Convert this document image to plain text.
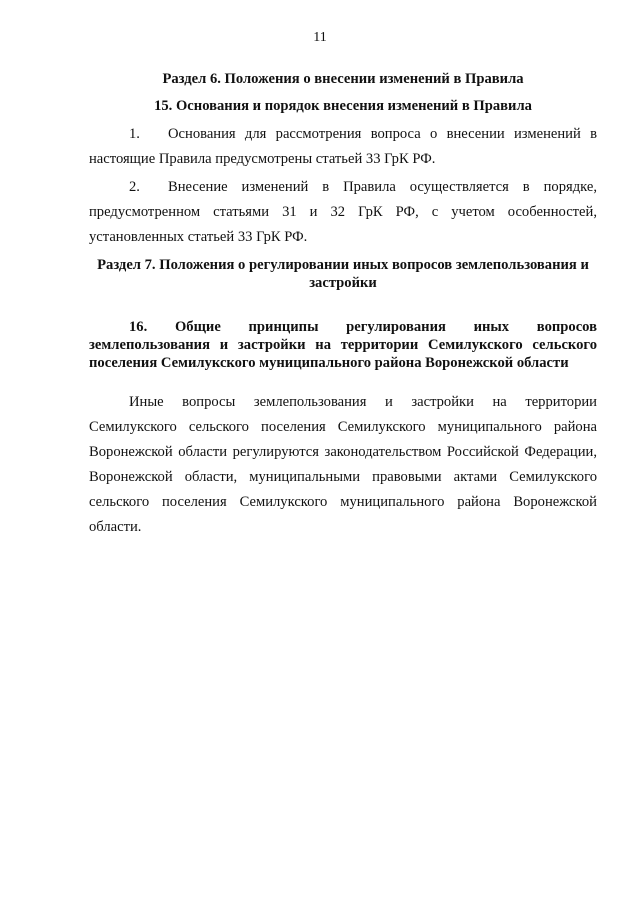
11

Раздел 6. Положения о внесении изменений в Правила

15. Основания и порядок внесения изменений в Правила

1. Основания для рассмотрения вопроса о внесении изменений в настоящие Правила предусмотрены статьей 33 ГрК РФ.

2. Внесение изменений в Правила осуществляется в порядке, предусмотренном статьями 31 и 32 ГрК РФ, с учетом особенностей, установленных статьей 33 ГрК РФ.

Раздел 7. Положения о регулировании иных вопросов землепользования и застройки

16. Общие принципы регулирования иных вопросов землепользования и застройки на территории Семилукского сельского поселения Семилукского муниципального района Воронежской области

Иные вопросы землепользования и застройки на территории Семилукского сельского поселения Семилукского муниципального района Воронежской области регулируются законодательством Российской Федерации, Воронежской области, муниципальными правовыми актами Семилукского сельского поселения Семилукского муниципального района Воронежской области.
